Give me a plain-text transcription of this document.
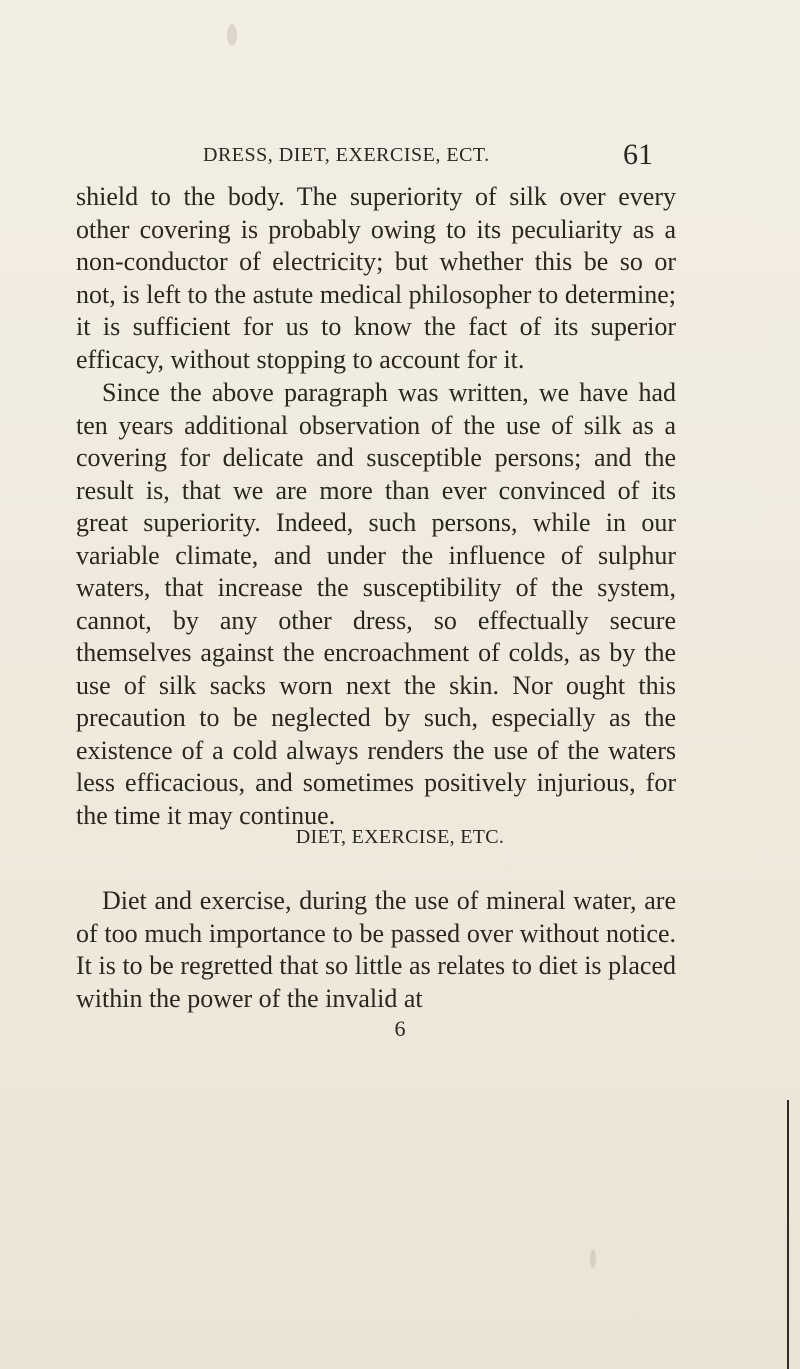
DRESS, DIET, EXERCISE, ECT.	61

shield to the body. The superiority of silk over every other covering is probably owing to its peculiarity as a non-conductor of electricity; but whether this be so or not, is left to the astute medical philosopher to determine; it is sufficient for us to know the fact of its superior efficacy, without stopping to account for it.

Since the above paragraph was written, we have had ten years additional observation of the use of silk as a covering for delicate and susceptible persons; and the result is, that we are more than ever convinced of its great superiority. Indeed, such persons, while in our variable climate, and under the influence of sulphur waters, that increase the susceptibility of the system, cannot, by any other dress, so effectually secure themselves against the encroachment of colds, as by the use of silk sacks worn next the skin. Nor ought this precaution to be neglected by such, especially as the existence of a cold always renders the use of the waters less efficacious, and sometimes positively injurious, for the time it may continue.

DIET, EXERCISE, ETC.

Diet and exercise, during the use of mineral water, are of too much importance to be passed over without notice. It is to be regretted that so little as relates to diet is placed within the power of the invalid at

6
